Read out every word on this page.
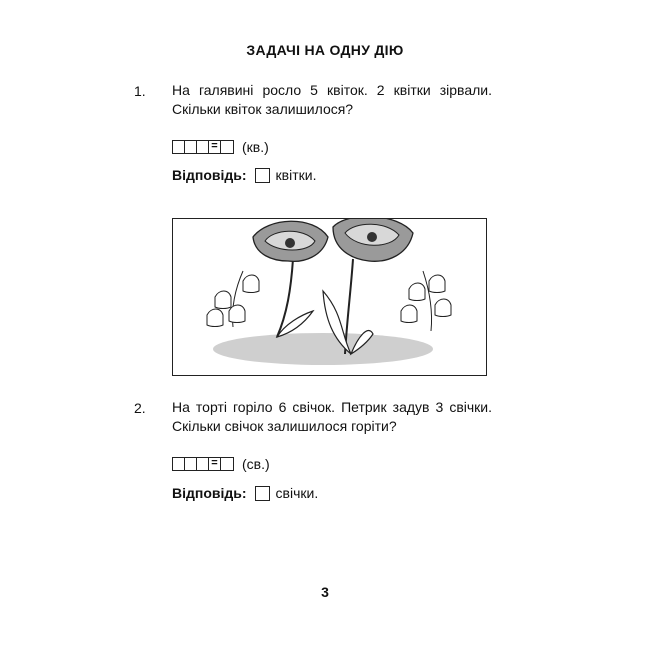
ЗАДАЧІ НА ОДНУ ДІЮ
1. На галявині росло 5 квіток. 2 квітки зірвали.
Скільки квіток залишилося?
= (кв.)
Відповідь: квітки.
2. На торті горіло 6 свічок. Петрик задув 3 свічки.
Скільки свічок залишилося горіти?
= (св.)
Відповідь: свічки.
3
